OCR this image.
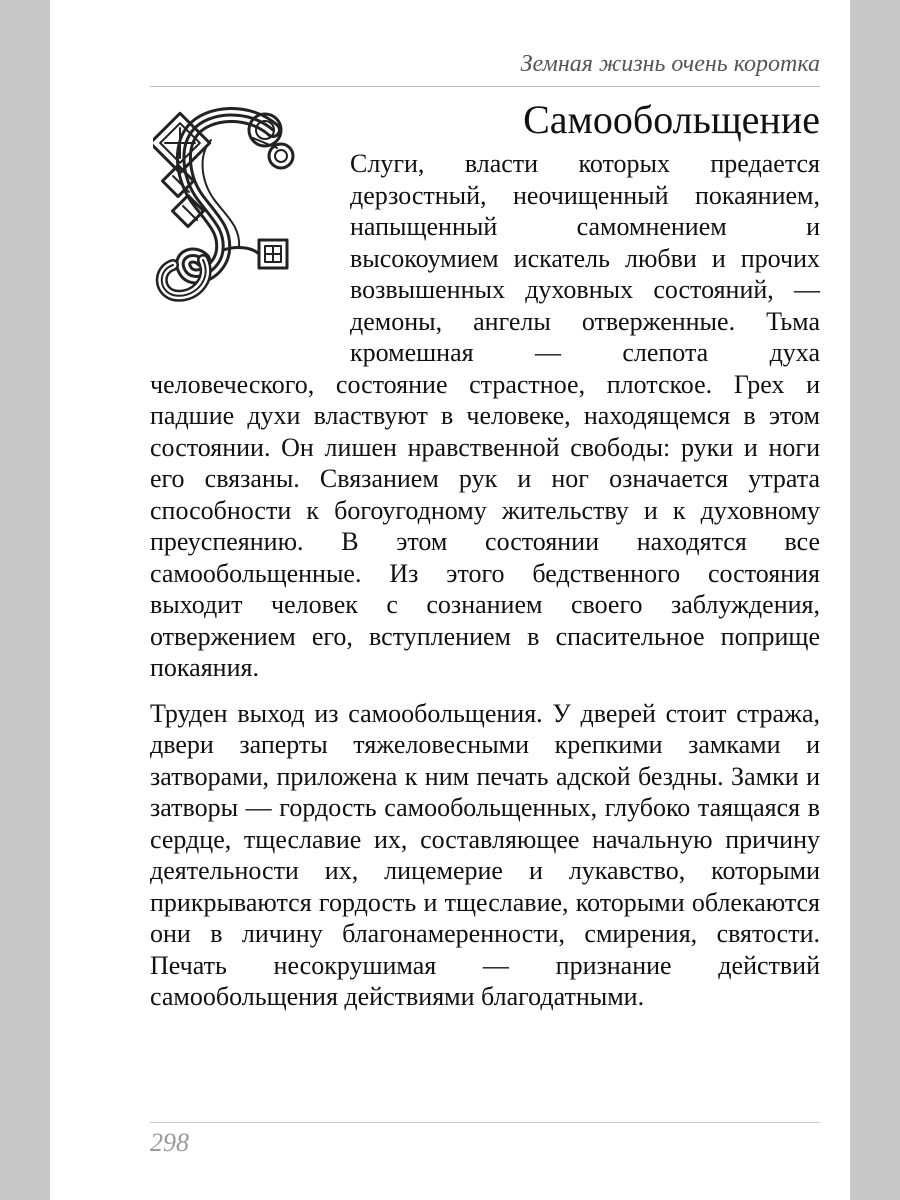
Земная жизнь очень коротка
Самообольщение

Слуги, власти которых предается дерзостный, неочищенный покаянием, напыщенный самомнением и высокоумием искатель любви и прочих возвышенных духовных состояний, — демоны, ангелы отверженные. Тьма кромешная — слепота духа человеческого, состояние страстное, плотское. Грех и падшие духи властвуют в человеке, находящемся в этом состоянии. Он лишен нравственной свободы: руки и ноги его связаны. Связанием рук и ног означается утрата способности к богоугодному жительству и к духовному преуспеянию. В этом состоянии находятся все самообольщенные. Из этого бедственного состояния выходит человек с сознанием своего заблуждения, отвержением его, вступлением в спасительное поприще покаяния.

Труден выход из самообольщения. У дверей стоит стража, двери заперты тяжеловесными крепкими замками и затворами, приложена к ним печать адской бездны. Замки и затворы — гордость самообольщенных, глубоко таящаяся в сердце, тщеславие их, составляющее начальную причину деятельности их, лицемерие и лукавство, которыми прикрываются гордость и тщеславие, которыми облекаются они в личину благонамеренности, смирения, святости. Печать несокрушимая — признание действий самообольщения действиями благодатными.

298
